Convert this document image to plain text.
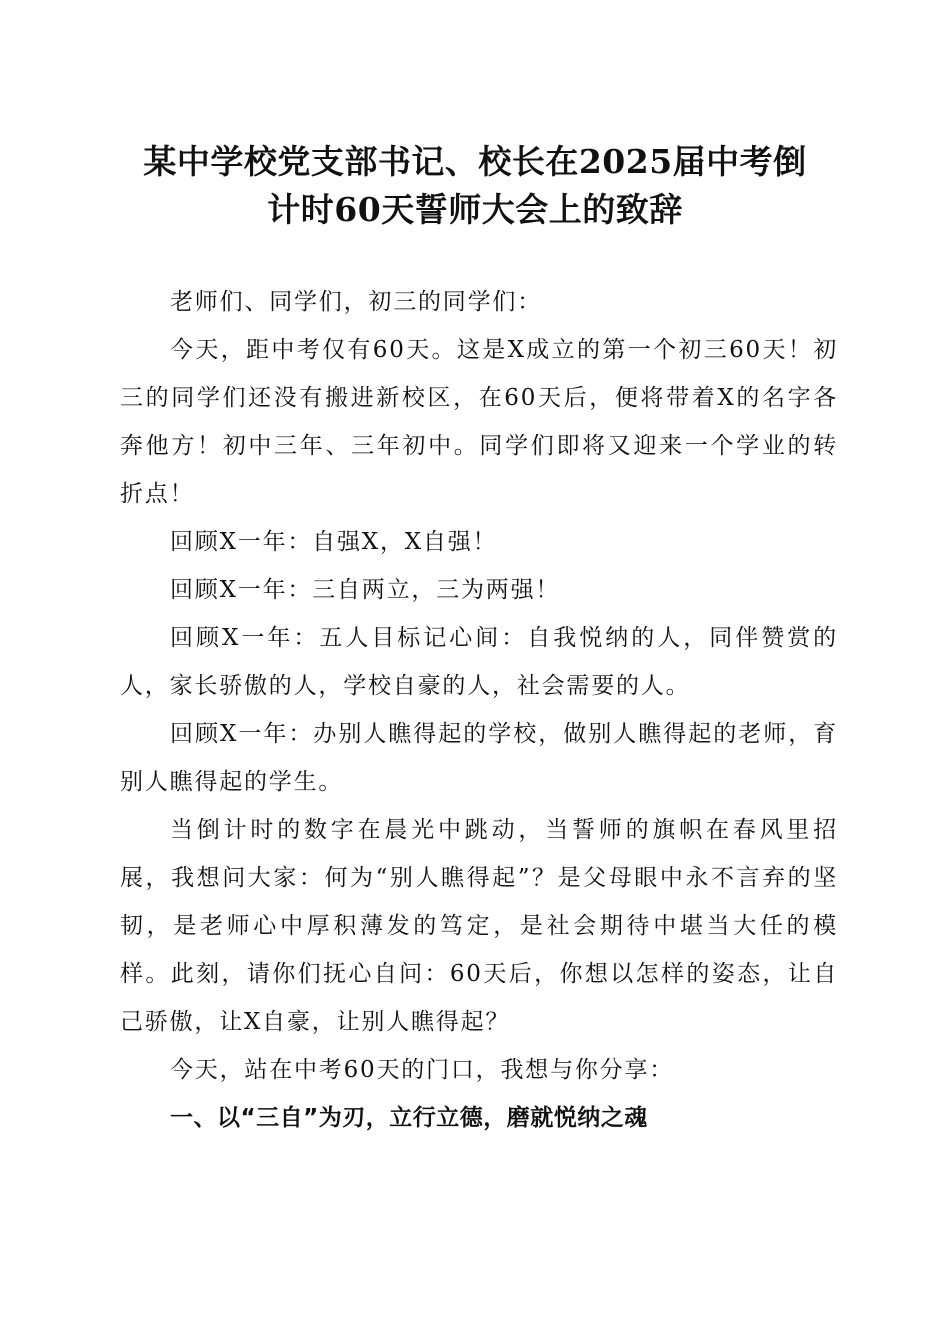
某中学校党支部书记、校长在2025届中考倒
计时60天誓师大会上的致辞

老师们、同学们，初三的同学们：

今天，距中考仅有60天。这是X成立的第一个初三60天！初三的同学们还没有搬进新校区，在60天后，便将带着X的名字各奔他方！初中三年、三年初中。同学们即将又迎来一个学业的转折点！

回顾X一年：自强X，X自强！

回顾X一年：三自两立，三为两强！

回顾X一年：五人目标记心间：自我悦纳的人，同伴赞赏的人，家长骄傲的人，学校自豪的人，社会需要的人。

回顾X一年：办别人瞧得起的学校，做别人瞧得起的老师，育别人瞧得起的学生。

当倒计时的数字在晨光中跳动，当誓师的旗帜在春风里招展，我想问大家：何为“别人瞧得起”？是父母眼中永不言弃的坚韧，是老师心中厚积薄发的笃定，是社会期待中堪当大任的模样。此刻，请你们抚心自问：60天后，你想以怎样的姿态，让自己骄傲，让X自豪，让别人瞧得起？

今天，站在中考60天的门口，我想与你分享：

一、以“三自”为刃，立行立德，磨就悦纳之魂
